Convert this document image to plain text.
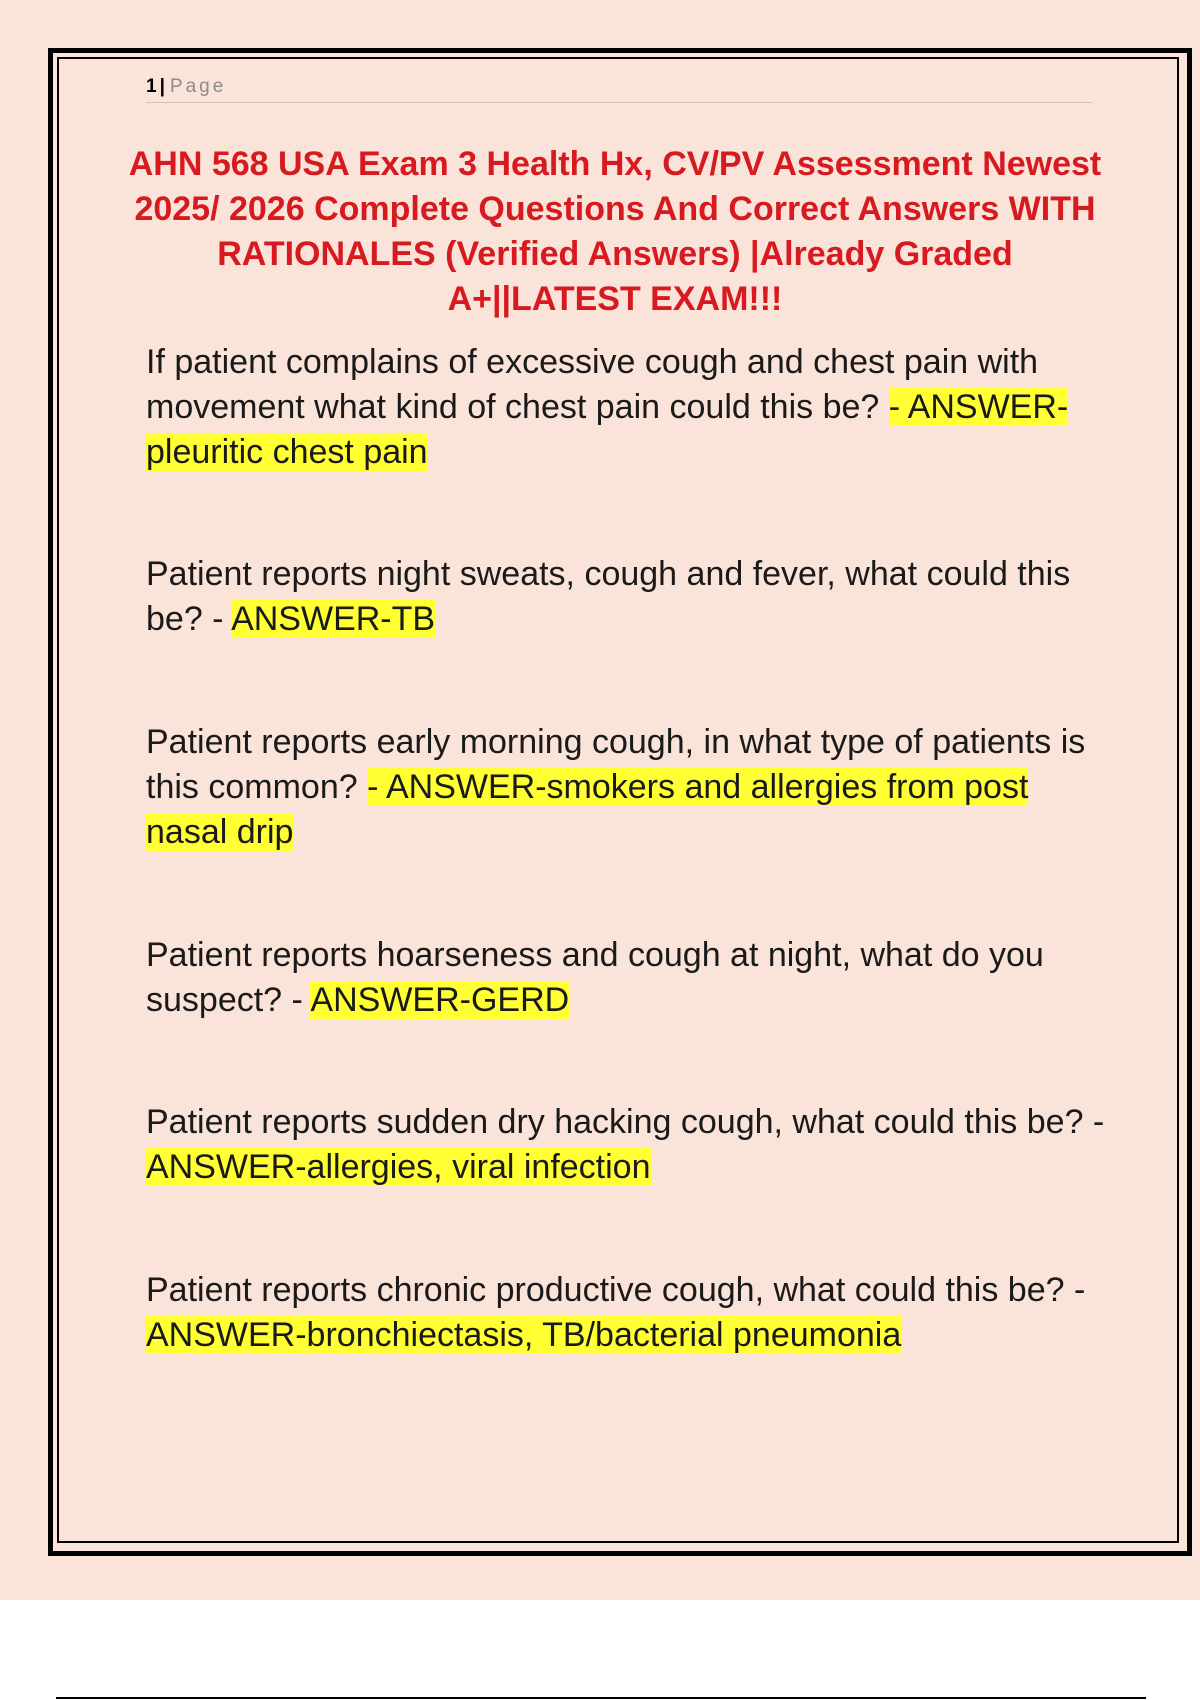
1 | Page
AHN 568 USA Exam 3 Health Hx, CV/PV Assessment Newest 2025/ 2026 Complete Questions And Correct Answers WITH RATIONALES (Verified Answers) |Already Graded A+||LATEST EXAM!!!

If patient complains of excessive cough and chest pain with movement what kind of chest pain could this be? - ANSWER-pleuritic chest pain

Patient reports night sweats, cough and fever, what could this be? - ANSWER-TB

Patient reports early morning cough, in what type of patients is this common? - ANSWER-smokers and allergies from post nasal drip

Patient reports hoarseness and cough at night, what do you suspect? - ANSWER-GERD

Patient reports sudden dry hacking cough, what could this be? - ANSWER-allergies, viral infection

Patient reports chronic productive cough, what could this be? - ANSWER-bronchiectasis, TB/bacterial pneumonia
